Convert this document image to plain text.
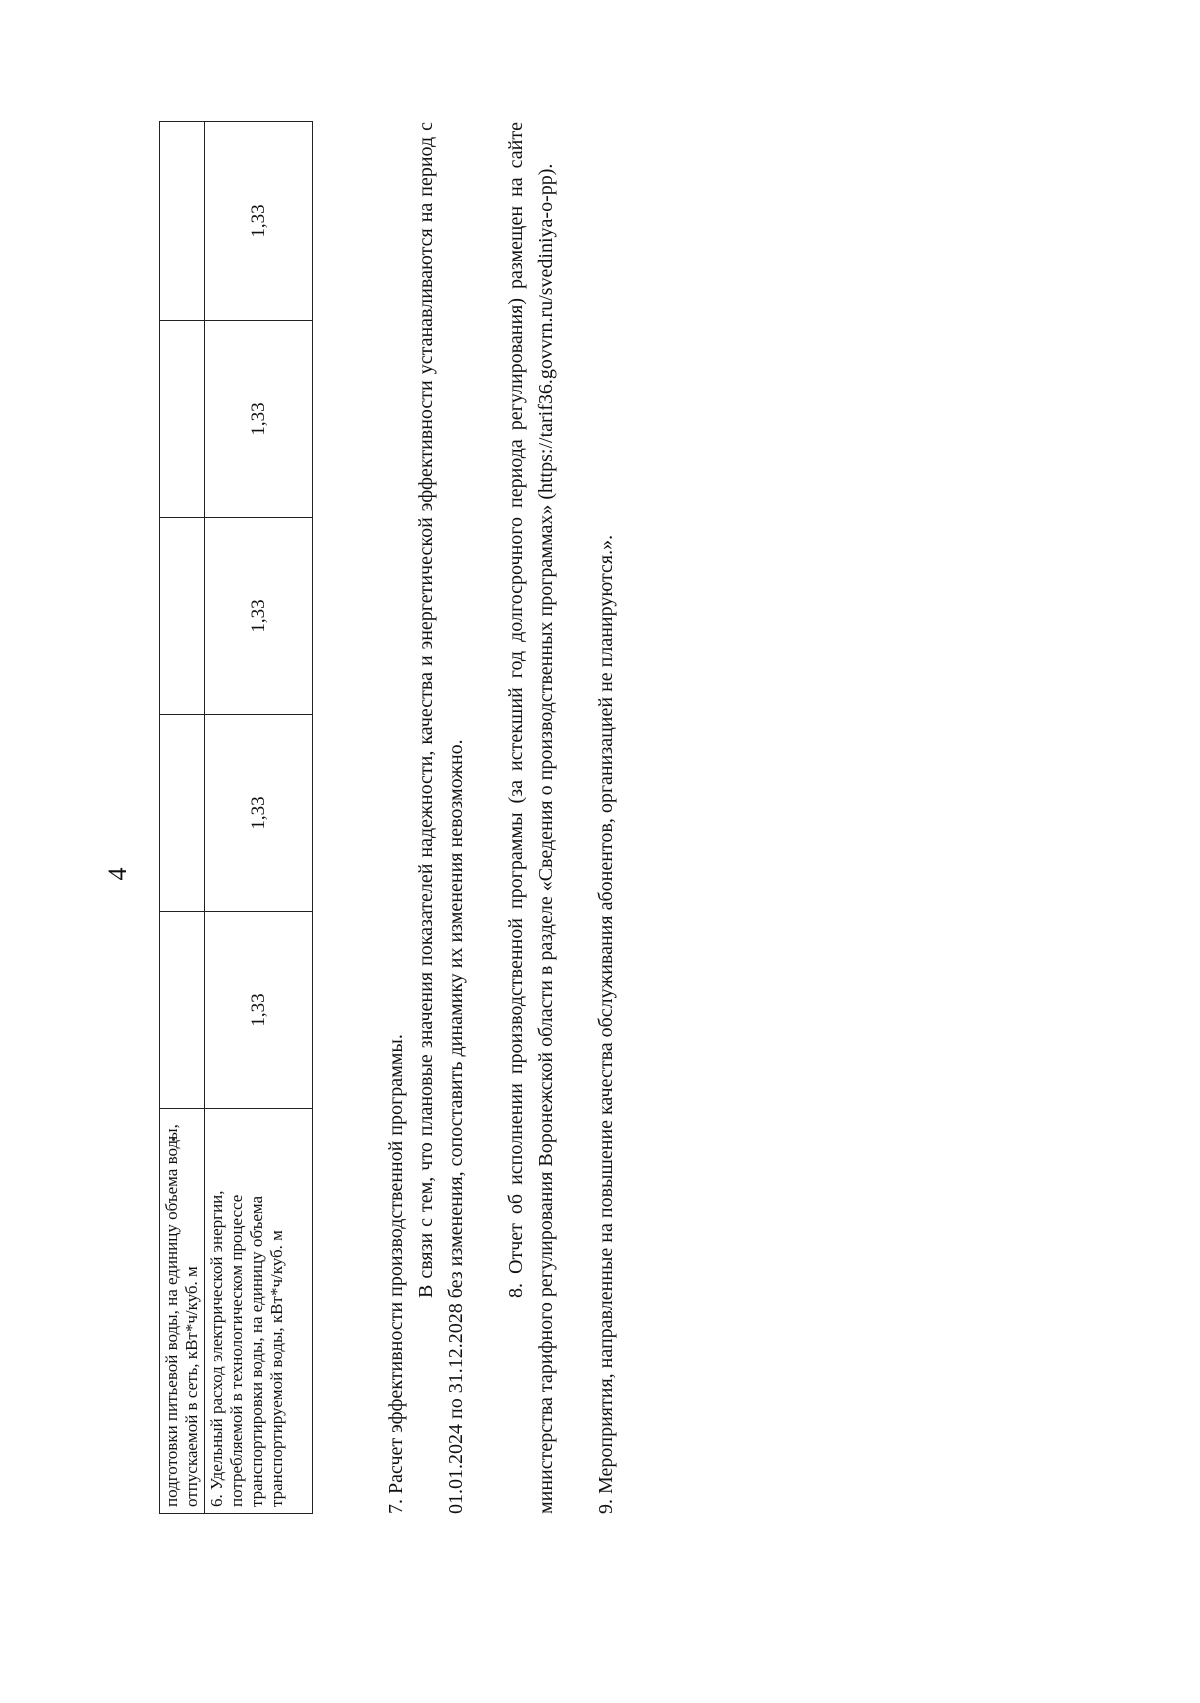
4
подготовки питьевой воды, на единицу объема воды, отпускаемой в сеть, кВт*ч/куб. м					
6. Удельный расход электрической энергии, потребляемой в технологическом процессе транспортировки воды, на единицу объема транспортируемой воды, кВт*ч/куб. м	1,33	1,33	1,33	1,33	1,33

7. Расчет эффективности производственной программы. В связи с тем, что плановые значения показателей надежности, качества и энергетической эффективности устанавливаются на период с 01.01.2024 по 31.12.2028 без изменения, сопоставить динамику их изменения невозможно. 8. Отчет об исполнении производственной программы (за истекший год долгосрочного периода регулирования) размещен на сайте министерства тарифного регулирования Воронежской области в разделе «Сведения о производственных программах» (https://tarif36.govvrn.ru/svediniya-o-pp). 9. Мероприятия, направленные на повышение качества обслуживания абонентов, организацией не планируются.».
